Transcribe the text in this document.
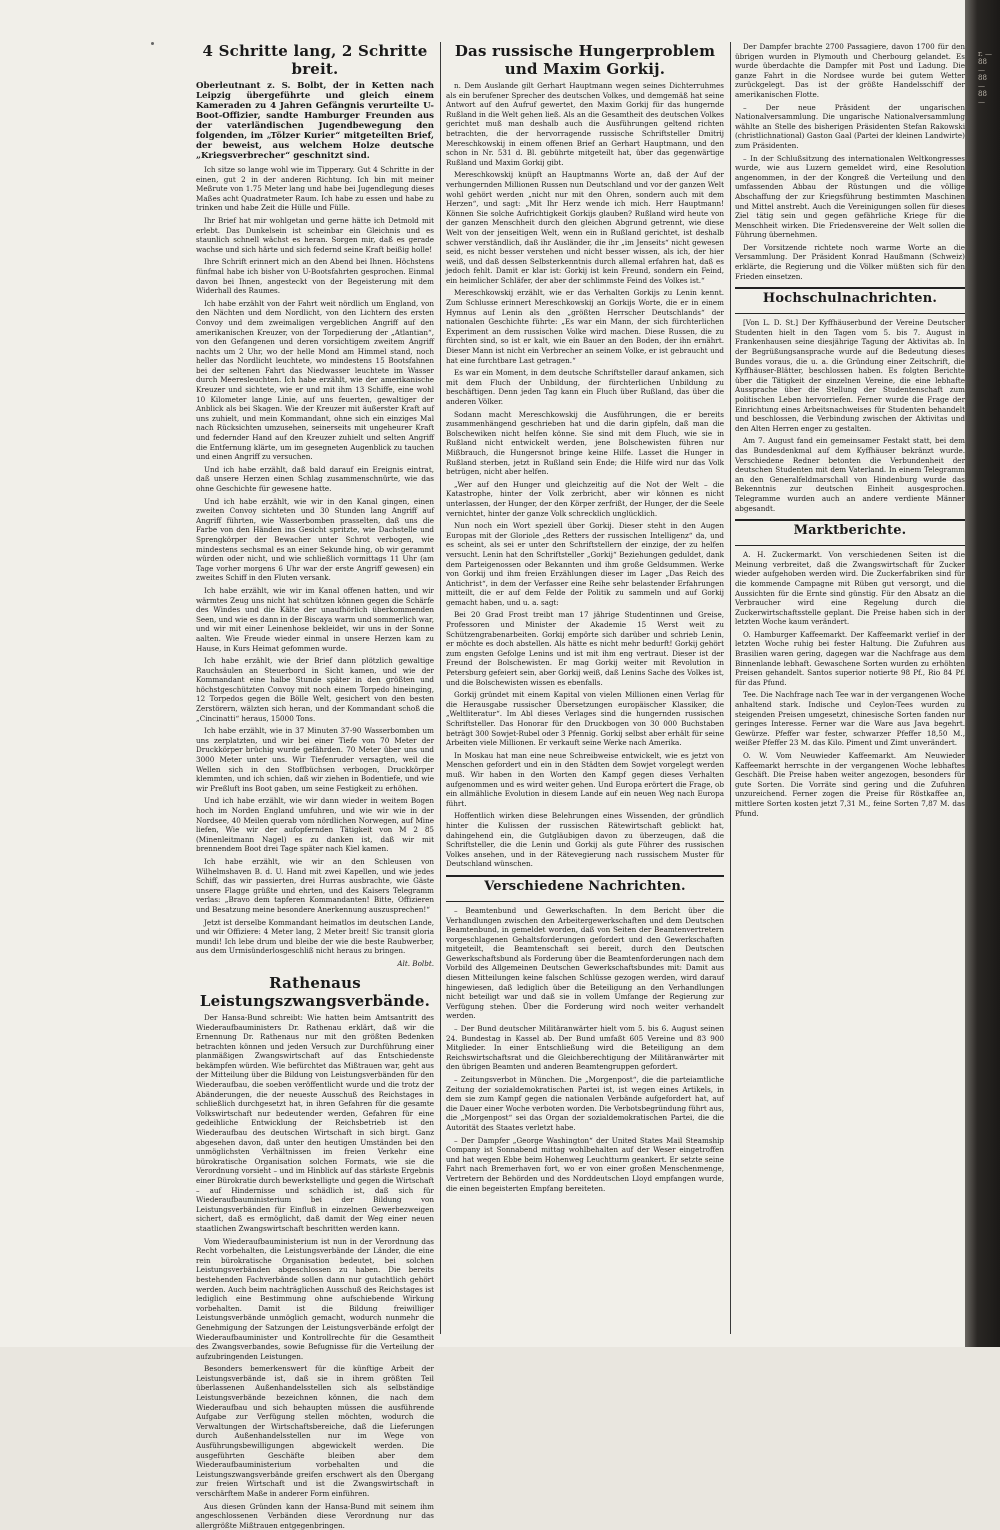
r. — 88 — 88 — 88 —
4 Schritte lang, 2 Schritte breit.
Oberleutnant z. S. Bolbt, der in Ketten nach Leipzig übergeführte und gleich einem Kameraden zu 4 Jahren Gefängnis verurteilte U-Boot-Offizier, sandte Hamburger Freunden aus der vaterländischen Jugendbewegung den folgenden, im „Tölzer Kurier“ mitgeteilten Brief, der beweist, aus welchem Holze deutsche „Kriegsverbrecher“ geschnitzt sind.

Ich sitze so lange wohl wie im Tipperary. Gut 4 Schritte in der einen, gut 2 in der anderen Richtung. Ich bin mit meiner Meßrute von 1.75 Meter lang und habe bei Jugendlegung dieses Maßes acht Quadratmeter Raum. Ich habe zu essen und habe zu trinken und habe Zeit die Hülle und Fülle.

Ihr Brief hat mir wohlgetan und gerne hätte ich Detmold mit erlebt. Das Dunkelsein ist scheinbar ein Gleichnis und es staunlich schnell wächst es heran. Sorgen mir, daß es gerade wachse und sich härte und sich federnd seine Kraft beißig holle!

Ihre Schrift erinnert mich an den Abend bei Ihnen. Höchstens fünfmal habe ich bisher von U-Bootsfahrten gesprochen. Einmal davon bei Ihnen, angesteckt von der Begeisterung mit dem Widerhall des Raumes.

Ich habe erzählt von der Fahrt weit nördlich um England, von den Nächten und dem Nordlicht, von den Lichtern des ersten Convoy und dem zweimaligen vergeblichen Angriff auf den amerikanischen Kreuzer, von der Torpedierung der „Atlantian“, von den Gefangenen und deren vorsichtigem zweitem Angriff nachts um 2 Uhr, wo der helle Mond am Himmel stand, noch heller das Nordlicht leuchtete, wo mindestens 15 Bootsfahnen bei der seltenen Fahrt das Niedwasser leuchtete im Wasser durch Meeresleuchten. Ich habe erzählt, wie der amerikanische Kreuzer und sichtete, wie er und mit ihm 13 Schiffe, eine wohl 10 Kilometer lange Linie, auf uns feuerten, gewaltiger der Anblick als bei Skagen. Wie der Kreuzer mit äußerster Kraft auf uns zuhielt, und mein Kommandant, ohne sich ein einziges Mal nach Rücksichten umzusehen, seinerseits mit ungeheurer Kraft und federnder Hand auf den Kreuzer zuhielt und selten Angriff die Entfernung klärte, um im gesegneten Augenblick zu tauchen und einen Angriff zu versuchen.

Und ich habe erzählt, daß bald darauf ein Ereignis eintrat, daß unsere Herzen einen Schlag zusammenschnürte, wie das ohne Geschichte für gewesene hatte.

Und ich habe erzählt, wie wir in den Kanal gingen, einen zweiten Convoy sichteten und 30 Stunden lang Angriff auf Angriff führten, wie Wasserbomben prasselten, daß uns die Farbe von den Händen ins Gesicht spritzte, wie Dachstelle und Sprengkörper der Bewacher unter Schrot verbogen, wie mindestens sechsmal es an einer Sekunde hing, ob wir gerammt würden oder nicht, und wie schließlich vormittags 11 Uhr (am Tage vorher morgens 6 Uhr war der erste Angriff gewesen) ein zweites Schiff in den Fluten versank.

Ich habe erzählt, wie wir im Kanal offenen hatten, und wir wärmtes Zeug uns nicht hat schützen können gegen die Schärfe des Windes und die Kälte der unaufhörlich überkommenden Seen, und wie es dann in der Biscaya warm und sommerlich war, und wir mit einer Leinenhose bekleidet, wir uns in der Sonne aalten. Wie Freude wieder einmal in unsere Herzen kam zu Hause, in Kurs Heimat gefommen wurde.

Ich habe erzählt, wie der Brief dann plötzlich gewaltige Rauchsäulen an Steuerbord in Sicht kamen, und wie der Kommandant eine halbe Stunde später in den größten und höchstgeschützten Convoy mit noch einem Torpedo hineinging, 12 Torpedos gegen die Bölle Welt, gesichert von den besten Zerstörern, wälzten sich heran, und der Kommandant schoß die „Cincinatti“ heraus, 15000 Tons.

Ich habe erzählt, wie in 37 Minuten 37-90 Wasserbomben um uns zerplatzten, und wir bei einer Tiefe von 70 Meter der Druckkörper brüchig wurde gefährden. 70 Meter über uns und 3000 Meter unter uns. Wir Tiefenruder versagten, weil die Wellen sich in den Stoffbüchsen verbogen, Druckkörper klemmten, und ich schien, daß wir ziehen in Bodentiefe, und wie wir Preßluft ins Boot gaben, um seine Festigkeit zu erhöhen.

Und ich habe erzählt, wie wir dann wieder in weitem Bogen hoch im Norden England umfuhren, und wie wir wie in der Nordsee, 40 Meilen querab vom nördlichen Norwegen, auf Mine liefen, Wie wir der aufopfernden Tätigkeit von M 2 85 (Minenleitmann Nagel) es zu danken ist, daß wir mit brennendem Boot drei Tage später nach Kiel kamen.

Ich habe erzählt, wie wir an den Schleusen von Wilhelmshaven B. d. U. Hand mit zwei Kapellen, und wie jedes Schiff, das wir passierten, drei Hurras ausbrachte, wie Gäste unsere Flagge grüßte und ehrten, und des Kaisers Telegramm verlas: „Bravo dem tapferen Kommandanten! Bitte, Offizieren und Besatzung meine besondere Anerkennung auszusprechen!“

Jetzt ist derselbe Kommandant heimatlos im deutschen Lande, und wir Offiziere: 4 Meter lang, 2 Meter breit! Sic transit gloria mundi! Ich lebe drum und bleibe der wie die beste Raubwerber, aus dem Urmisünderlosgeschliß nicht heraus zu bringen.

Alt. Bolbt.
Rathenaus Leistungszwangsverbände.

Der Hansa-Bund schreibt: Wie hatten beim Amtsantritt des Wiederaufbauministers Dr. Rathenau erklärt, daß wir die Ernennung Dr. Rathenaus nur mit den größten Bedenken betrachten können und jeden Versuch zur Durchführung einer planmäßigen Zwangswirtschaft auf das Entschiedenste bekämpfen würden. Wie befürchtet das Mißtrauen war, geht aus der Mitteilung über die Bildung von Leistungsverbänden für den Wiederaufbau, die soeben veröffentlicht wurde und die trotz der Abänderungen, die der neueste Ausschuß des Reichstages in schließlich durchgesetzt hat, in ihren Gefahren für die gesamte Volkswirtschaft nur bedeutender werden, Gefahren für eine gedeihliche Entwicklung der Reichsbetrieb ist den Wiederaufbau des deutschen Wirtschaft in sich birgt. Ganz abgesehen davon, daß unter den heutigen Umständen bei den unmöglichsten Verhältnissen im freien Verkehr eine bürokratische Organisation solchen Formats, wie sie die Verordnung vorsieht – und im Hinblick auf das stärkste Ergebnis einer Bürokratie durch bewerkstelligte und gegen die Wirtschaft – auf Hindernisse und schädlich ist, daß sich für Wiederaufbauministerium bei der Bildung von Leistungsverbänden für Einfluß in einzelnen Gewerbezweigen sichert, daß es ermöglicht, daß damit der Weg einer neuen staatlichen Zwangswirtschaft beschritten werden kann.

Vom Wiederaufbauministerium ist nun in der Verordnung das Recht vorbehalten, die Leistungsverbände der Länder, die eine rein bürokratische Organisation bedeutet, bei solchen Leistungsverbänden abgeschlossen zu haben. Die bereits bestehenden Fachverbände sollen dann nur gutachtlich gehört werden. Auch beim nachträglichen Ausschuß des Reichstages ist lediglich eine Bestimmung ohne aufschiebende Wirkung vorbehalten. Damit ist die Bildung freiwilliger Leistungsverbände unmöglich gemacht, wodurch nunmehr die Genehmigung der Satzungen der Leistungsverbände erfolgt der Wiederaufbauminister und Kontrollrechte für die Gesamtheit des Zwangsverbandes, sowie Befugnisse für die Verteilung der aufzubringenden Leistungen.

Besonders bemerkenswert für die künftige Arbeit der Leistungsverbände ist, daß sie in ihrem größten Teil überlassenen Außenhandelsstellen sich als selbständige Leistungsverbände bezeichnen können, die nach dem Wiederaufbau und sich behaupten müssen die ausführende Aufgabe zur Verfügung stellen möchten, wodurch die Verwaltungen der Wirtschaftsbereiche, daß die Lieferungen durch Außenhandelsstellen nur im Wege von Ausführungsbewilligungen abgewickelt werden. Die ausgeführten Geschäfte bleiben aber dem Wiederaufbauministerium vorbehalten und die Leistungszwangsverbände greifen erschwert als den Übergang zur freien Wirtschaft und ist die Zwangswirtschaft in verschärftem Maße in anderer Form einführen.

Aus diesen Gründen kann der Hansa-Bund mit seinem ihm angeschlossenen Verbänden diese Verordnung nur das allergrößte Mißtrauen entgegenbringen.

Das russische Hungerproblem und Maxim Gorkij.

n. Dem Auslande gilt Gerhart Hauptmann wegen seines Dichterruhmes als ein berufener Sprecher des deutschen Volkes, und demgemäß hat seine Antwort auf den Aufruf gewertet, den Maxim Gorkij für das hungernde Rußland in die Welt gehen ließ. Als an die Gesamtheit des deutschen Volkes gerichtet muß man deshalb auch die Ausführungen geltend richten betrachten, die der hervorragende russische Schriftsteller Dmitrij Mereschkowskij in einem offenen Brief an Gerhart Hauptmann, und den schon in Nr. 531 d. Bl. gebührte mitgeteilt hat, über das gegenwärtige Rußland und Maxim Gorkij gibt.

Mereschkowskij knüpft an Hauptmanns Worte an, daß der Auf der verhungernden Millionen Russen nun Deutschland und vor der ganzen Welt wohl gehört werden „nicht nur mit den Ohren, sondern auch mit dem Herzen“, und sagt: „Mit Ihr Herz wende ich mich. Herr Hauptmann! Können Sie solche Aufrichtigkeit Gorkijs glauben? Rußland wird heute von der ganzen Menschheit durch den gleichen Abgrund getrennt, wie diese Welt von der jenseitigen Welt, wenn ein in Rußland gerichtet, ist deshalb schwer verständlich, daß ihr Ausländer, die ihr „im Jenseits“ nicht gewesen seid, es nicht besser verstehen und nicht besser wissen, als ich, der hier weiß, und daß dessen Selbsterkenntnis durch allemal erfahren hat, daß es jedoch fehlt. Damit er klar ist: Gorkij ist kein Freund, sondern ein Feind, ein heimlicher Schläfer, der aber der schlimmste Feind des Volkes ist.“

Mereschkowskij erzählt, wie er das Verhalten Gorkijs zu Lenin kennt. Zum Schlusse erinnert Mereschkowskij an Gorkijs Worte, die er in einem Hymnus auf Lenin als den „größten Herrscher Deutschlands“ der nationalen Geschichte führte: „Es war ein Mann, der sich fürchterlichen Experiment an dem russischen Volke wird machen. Diese Russen, die zu fürchten sind, so ist er kalt, wie ein Bauer an den Boden, der ihn ernährt. Dieser Mann ist nicht ein Verbrecher an seinem Volke, er ist gebraucht und hat eine furchtbare Last getragen.“

Es war ein Moment, in dem deutsche Schriftsteller darauf ankamen, sich mit dem Fluch der Unbildung, der fürchterlichen Unbildung zu beschäftigen. Denn jeden Tag kann ein Fluch über Rußland, das über die anderen Völker.

Sodann macht Mereschkowskij die Ausführungen, die er bereits zusammenhängend geschrieben hat und die darin gipfeln, daß man die Bolschewiken nicht helfen könne. Sie sind mit dem Fluch, wie sie in Rußland nicht entwickelt werden, jene Bolschewisten führen nur Mißbrauch, die Hungersnot bringe keine Hilfe. Lasset die Hunger in Rußland sterben, jetzt in Rußland sein Ende; die Hilfe wird nur das Volk betrügen, nicht aber helfen.

„Wer auf den Hunger und gleichzeitig auf die Not der Welt – die Katastrophe, hinter der Volk zerbricht, aber wir können es nicht unterlassen, der Hunger, der den Körper zerfrißt, der Hunger, der die Seele vernichtet, hinter der ganze Volk schrecklich unglücklich.

Nun noch ein Wort speziell über Gorkij. Dieser steht in den Augen Europas mit der Gloriole „des Retters der russischen Intelligenz“ da, und es scheint, als sei er unter den Schriftstellern der einzige, der zu helfen versucht. Lenin hat den Schriftsteller „Gorkij“ Beziehungen geduldet, dank dem Parteigenossen oder Bekannten und ihm große Geldsummen. Werke von Gorkij und ihm freien Erzählungen dieser im Lager „Das Reich des Antichrist“, in dem der Verfasser eine Reihe sehr belastender Erfahrungen mitteilt, die er auf dem Felde der Politik zu sammeln und auf Gorkij gemacht haben, und u. a. sagt:

Bei 20 Grad Frost treibt man 17 jährige Studentinnen und Greise, Professoren und Minister der Akademie 15 Werst weit zu Schützengrabenarbeiten. Gorkij empörte sich darüber und schrieb Lenin, er möchte es doch abstellen. Als hätte es nicht mehr bedurft! Gorkij gehört zum engsten Gefolge Lenins und ist mit ihm eng vertraut. Dieser ist der Freund der Bolschewisten. Er mag Gorkij weiter mit Revolution in Petersburg gefeiert sein, aber Gorkij weiß, daß Lenins Sache des Volkes ist, und die Bolschewisten wissen es ebenfalls.

Gorkij gründet mit einem Kapital von vielen Millionen einen Verlag für die Herausgabe russischer Übersetzungen europäischer Klassiker, die „Weltliteratur“. Im Abl dieses Verlages sind die hungernden russischen Schriftsteller. Das Honorar für den Druckbogen von 30 000 Buchstaben beträgt 300 Sowjet-Rubel oder 3 Pfennig. Gorkij selbst aber erhält für seine Arbeiten viele Millionen. Er verkauft seine Werke nach Amerika.

In Moskau hat man eine neue Schreibweise entwickelt, wie es jetzt von Menschen gefordert und ein in den Städten dem Sowjet vorgelegt werden muß. Wir haben in den Worten den Kampf gegen dieses Verhalten aufgenommen und es wird weiter gehen. Und Europa erörtert die Frage, ob ein allmähliche Evolution in diesem Lande auf ein neuen Weg nach Europa führt.

Hoffentlich wirken diese Belehrungen eines Wissenden, der gründlich hinter die Kulissen der russischen Rätewirtschaft geblickt hat, dahingehend ein, die Gutgläubigen davon zu überzeugen, daß die Schriftsteller, die die Lenin und Gorkij als gute Führer des russischen Volkes ansehen, und in der Rätevegierung nach russischem Muster für Deutschland wünschen.

Verschiedene Nachrichten.

– Beamtenbund und Gewerkschaften. In dem Bericht über die Verhandlungen zwischen den Arbeitergewerkschaften und dem Deutschen Beamtenbund, in gemeldet worden, daß von Seiten der Beamtenvertretern vorgeschlagenen Gehaltsforderungen gefordert und den Gewerkschaften mitgeteilt, die Beamtenschaft sei bereit, durch den Deutschen Gewerkschaftsbund als Forderung über die Beamtenforderungen nach dem Vorbild des Allgemeinen Deutschen Gewerkschaftsbundes mit: Damit aus diesen Mitteilungen keine falschen Schlüsse gezogen werden, wird darauf hingewiesen, daß lediglich über die Beteiligung an den Verhandlungen nicht beteiligt war und daß sie in vollem Umfange der Regierung zur Verfügung stehen. Über die Forderung wird noch weiter verhandelt werden.

– Der Bund deutscher Militäranwärter hielt vom 5. bis 6. August seinen 24. Bundestag in Kassel ab. Der Bund umfaßt 605 Vereine und 83 900 Mitglieder. In einer Entschließung wird die Beteiligung an dem Reichswirtschaftsrat und die Gleichberechtigung der Militäranwärter mit den übrigen Beamten und anderen Beamtengruppen gefordert.

– Zeitungsverbot in München. Die „Morgenpost“, die die parteiamtliche Zeitung der sozialdemokratischen Partei ist, ist wegen eines Artikels, in dem sie zum Kampf gegen die nationalen Verbände aufgefordert hat, auf die Dauer einer Woche verboten worden. Die Verbotsbegründung führt aus, die „Morgenpost“ sei das Organ der sozialdemokratischen Partei, die die Autorität des Staates verletzt habe.

– Der Dampfer „George Washington“ der United States Mail Steamship Company ist Sonnabend mittag wohlbehalten auf der Weser eingetroffen und hat wegen Ebbe beim Hohenweg Leuchtturm geankert. Er setzte seine Fahrt nach Bremerhaven fort, wo er von einer großen Menschenmenge, Vertretern der Behörden und des Norddeutschen Lloyd empfangen wurde, die einen begeisterten Empfang bereiteten.

Der Dampfer brachte 2700 Passagiere, davon 1700 für den übrigen wurden in Plymouth und Cherbourg gelandet. Es wurde überdachte die Dampfer mit Post und Ladung. Die ganze Fahrt in die Nordsee wurde bei gutem Wetter zurückgelegt. Das ist der größte Handelsschiff der amerikanischen Flotte.

– Der neue Präsident der ungarischen Nationalversammlung. Die ungarische Nationalversammlung wählte an Stelle des bisherigen Präsidenten Stefan Rakowski (christlichnational) Gaston Gaal (Partei der kleinen Landwirte) zum Präsidenten.

– In der Schlußsitzung des internationalen Weltkongresses wurde, wie aus Luzern gemeldet wird, eine Resolution angenommen, in der der Kongreß die Verteilung und den umfassenden Abbau der Rüstungen und die völlige Abschaffung der zur Kriegsführung bestimmten Maschinen und Mittel anstrebt. Auch die Vereinigungen sollen für dieses Ziel tätig sein und gegen gefährliche Kriege für die Menschheit wirken. Die Friedensvereine der Welt sollen die Führung übernehmen.

Der Vorsitzende richtete noch warme Worte an die Versammlung. Der Präsident Konrad Haußmann (Schweiz) erklärte, die Regierung und die Völker müßten sich für den Frieden einsetzen.

Hochschulnachrichten.

[Von L. D. St.] Der Kyffhäuserbund der Vereine Deutscher Studenten hielt in den Tagen vom 5. bis 7. August in Frankenhausen seine diesjährige Tagung der Aktivitas ab. In der Begrüßungsansprache wurde auf die Bedeutung dieses Bundes voraus, die u. a. die Gründung einer Zeitschrift, die Kyffhäuser-Blätter, beschlossen haben. Es folgten Berichte über die Tätigkeit der einzelnen Vereine, die eine lebhafte Aussprache über die Stellung der Studentenschaft zum politischen Leben hervorriefen. Ferner wurde die Frage der Einrichtung eines Arbeitsnachweises für Studenten behandelt und beschlossen, die Verbindung zwischen der Aktivitas und den Alten Herren enger zu gestalten.

Am 7. August fand ein gemeinsamer Festakt statt, bei dem das Bundesdenkmal auf dem Kyffhäuser bekränzt wurde. Verschiedene Redner betonten die Verbundenheit der deutschen Studenten mit dem Vaterland. In einem Telegramm an den Generalfeldmarschall von Hindenburg wurde das Bekenntnis zur deutschen Einheit ausgesprochen. Telegramme wurden auch an andere verdiente Männer abgesandt.

Marktberichte.

A. H. Zuckermarkt. Von verschiedenen Seiten ist die Meinung verbreitet, daß die Zwangswirtschaft für Zucker wieder aufgehoben werden wird. Die Zuckerfabriken sind für die kommende Campagne mit Rüben gut versorgt, und die Aussichten für die Ernte sind günstig. Für den Absatz an die Verbraucher wird eine Regelung durch die Zuckerwirtschaftsstelle geplant. Die Preise haben sich in der letzten Woche kaum verändert.

O. Hamburger Kaffeemarkt. Der Kaffeemarkt verlief in der letzten Woche ruhig bei fester Haltung. Die Zufuhren aus Brasilien waren gering, dagegen war die Nachfrage aus dem Binnenlande lebhaft. Gewaschene Sorten wurden zu erhöhten Preisen gehandelt. Santos superior notierte 98 Pf., Rio 84 Pf. für das Pfund.

Tee. Die Nachfrage nach Tee war in der vergangenen Woche anhaltend stark. Indische und Ceylon-Tees wurden zu steigenden Preisen umgesetzt, chinesische Sorten fanden nur geringes Interesse. Ferner war die Ware aus Java begehrt. Gewürze. Pfeffer war fester, schwarzer Pfeffer 18,50 M., weißer Pfeffer 23 M. das Kilo. Piment und Zimt unverändert.

O. W. Vom Neuwieder Kaffeemarkt. Am Neuwieder Kaffeemarkt herrschte in der vergangenen Woche lebhaftes Geschäft. Die Preise haben weiter angezogen, besonders für gute Sorten. Die Vorräte sind gering und die Zufuhren unzureichend. Ferner zogen die Preise für Röstkaffee an, mittlere Sorten kosten jetzt 7,31 M., feine Sorten 7,87 M. das Pfund.
